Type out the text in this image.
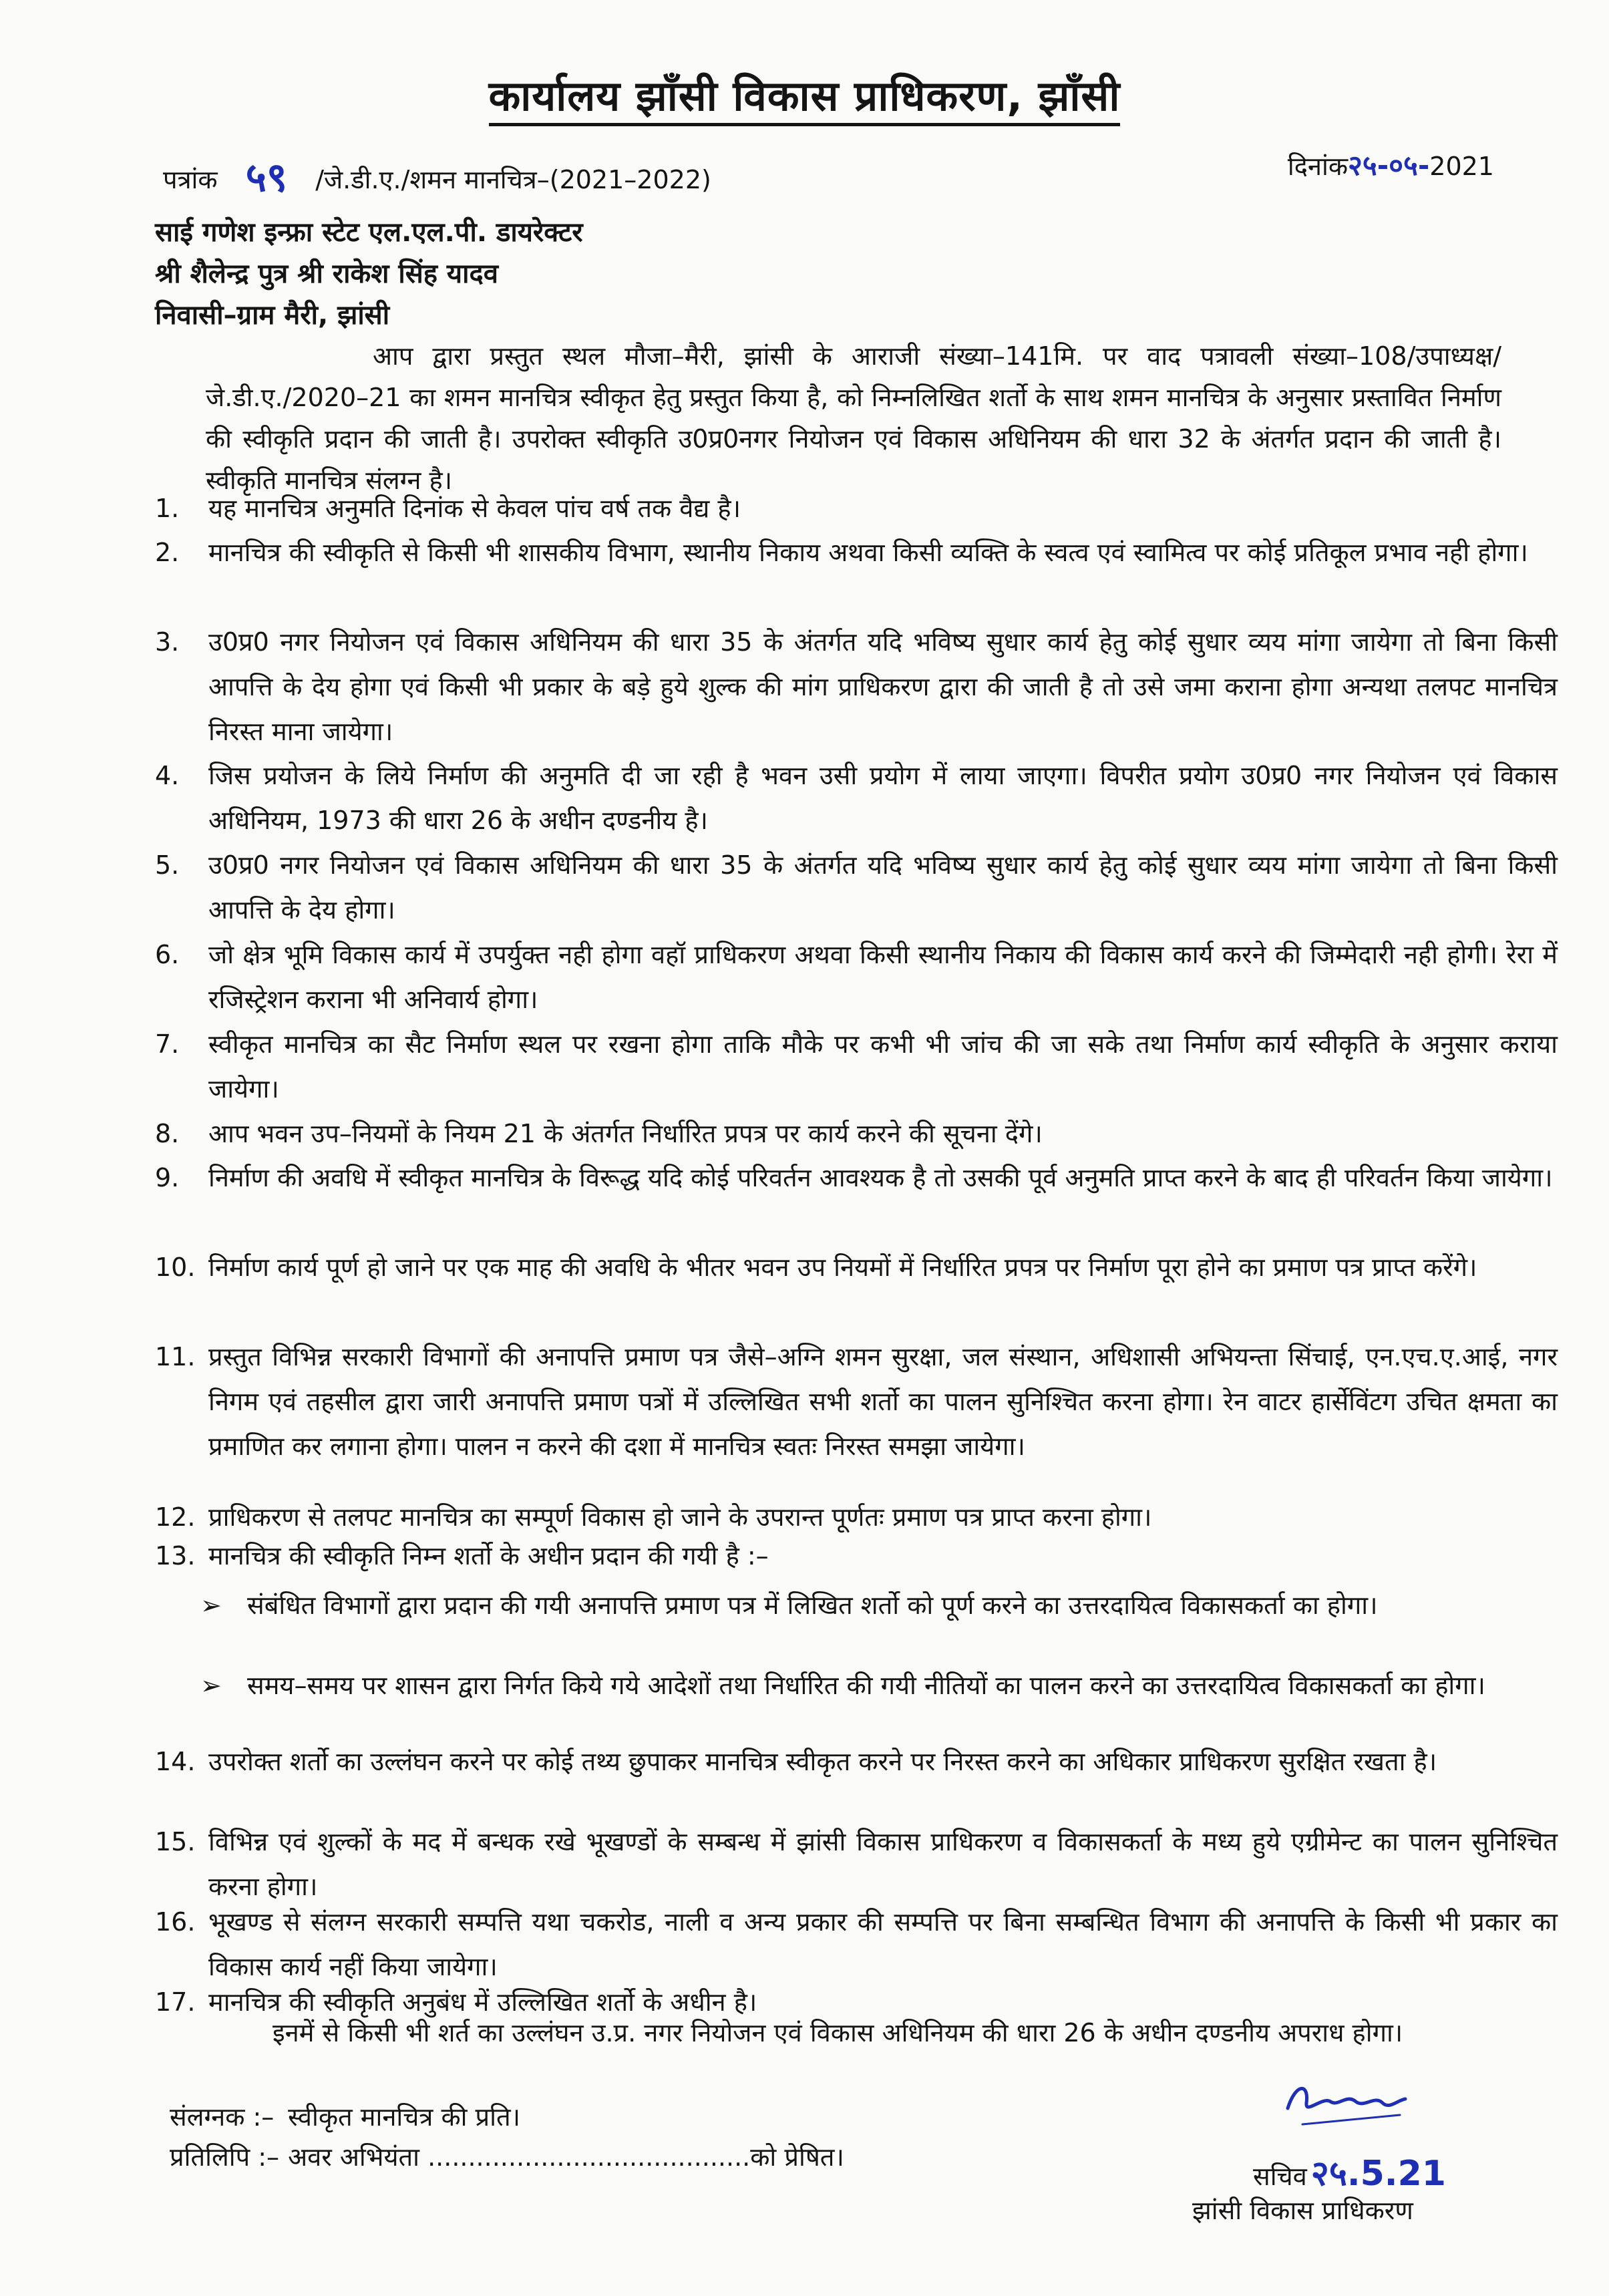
कार्यालय झाँसी विकास प्राधिकरण, झाँसी
पत्रांक ५९ /जे.डी.ए./शमन मानचित्र–(2021–2022)	दिनांक२५-०५-2021
साई गणेश इन्फ्रा स्टेट एल.एल.पी. डायरेक्टर
श्री शैलेन्द्र पुत्र श्री राकेश सिंह यादव
निवासी–ग्राम मैरी, झांसी
आप द्वारा प्रस्तुत स्थल मौजा–मैरी, झांसी के आराजी संख्या–141मि. पर वाद पत्रावली संख्या–108/उपाध्यक्ष/जे.डी.ए./2020–21 का शमन मानचित्र स्वीकृत हेतु प्रस्तुत किया है, को निम्नलिखित शर्तो के साथ शमन मानचित्र के अनुसार प्रस्तावित निर्माण की स्वीकृति प्रदान की जाती है। उपरोक्त स्वीकृति उ0प्र0नगर नियोजन एवं विकास अधिनियम की धारा 32 के अंतर्गत प्रदान की जाती है। स्वीकृति मानचित्र संलग्न है।
1.	यह मानचित्र अनुमति दिनांक से केवल पांच वर्ष तक वैद्य है।
2.	मानचित्र की स्वीकृति से किसी भी शासकीय विभाग, स्थानीय निकाय अथवा किसी व्यक्ति के स्वत्व एवं स्वामित्व पर कोई प्रतिकूल प्रभाव नही होगा।
3.	उ0प्र0 नगर नियोजन एवं विकास अधिनियम की धारा 35 के अंतर्गत यदि भविष्य सुधार कार्य हेतु कोई सुधार व्यय मांगा जायेगा तो बिना किसी आपत्ति के देय होगा एवं किसी भी प्रकार के बड़े हुये शुल्क की मांग प्राधिकरण द्वारा की जाती है तो उसे जमा कराना होगा अन्यथा तलपट मानचित्र निरस्त माना जायेगा।
4.	जिस प्रयोजन के लिये निर्माण की अनुमति दी जा रही है भवन उसी प्रयोग में लाया जाएगा। विपरीत प्रयोग उ0प्र0 नगर नियोजन एवं विकास अधिनियम, 1973 की धारा 26 के अधीन दण्डनीय है।
5.	उ0प्र0 नगर नियोजन एवं विकास अधिनियम की धारा 35 के अंतर्गत यदि भविष्य सुधार कार्य हेतु कोई सुधार व्यय मांगा जायेगा तो बिना किसी आपत्ति के देय होगा।
6.	जो क्षेत्र भूमि विकास कार्य में उपर्युक्त नही होगा वहॉ प्राधिकरण अथवा किसी स्थानीय निकाय की विकास कार्य करने की जिम्मेदारी नही होगी। रेरा में रजिस्ट्रेशन कराना भी अनिवार्य होगा।
7.	स्वीकृत मानचित्र का सैट निर्माण स्थल पर रखना होगा ताकि मौके पर कभी भी जांच की जा सके तथा निर्माण कार्य स्वीकृति के अनुसार कराया जायेगा।
8.	आप भवन उप–नियमों के नियम 21 के अंतर्गत निर्धारित प्रपत्र पर कार्य करने की सूचना देंगे।
9.	निर्माण की अवधि में स्वीकृत मानचित्र के विरूद्ध यदि कोई परिवर्तन आवश्यक है तो उसकी पूर्व अनुमति प्राप्त करने के बाद ही परिवर्तन किया जायेगा।
10. निर्माण कार्य पूर्ण हो जाने पर एक माह की अवधि के भीतर भवन उप नियमों में निर्धारित प्रपत्र पर निर्माण पूरा होने का प्रमाण पत्र प्राप्त करेंगे।
11. प्रस्तुत विभिन्न सरकारी विभागों की अनापत्ति प्रमाण पत्र जैसे–अग्नि शमन सुरक्षा, जल संस्थान, अधिशासी अभियन्ता सिंचाई, एन.एच.ए.आई, नगर निगम एवं तहसील द्वारा जारी अनापत्ति प्रमाण पत्रों में उल्लिखित सभी शर्तो का पालन सुनिश्चित करना होगा। रेन वाटर हार्सेविंटग उचित क्षमता का प्रमाणित कर लगाना होगा। पालन न करने की दशा में मानचित्र स्वतः निरस्त समझा जायेगा।
12. प्राधिकरण से तलपट मानचित्र का सम्पूर्ण विकास हो जाने के उपरान्त पूर्णतः प्रमाण पत्र प्राप्त करना होगा।
13. मानचित्र की स्वीकृति निम्न शर्तो के अधीन प्रदान की गयी है :–
14. उपरोक्त शर्तो का उल्लंघन करने पर कोई तथ्य छुपाकर मानचित्र स्वीकृत करने पर निरस्त करने का अधिकार प्राधिकरण सुरक्षित रखता है।
15. विभिन्न एवं शुल्कों के मद में बन्धक रखे भूखण्डों के सम्बन्ध में झांसी विकास प्राधिकरण व विकासकर्ता के मध्य हुये एग्रीमेन्ट का पालन सुनिश्चित करना होगा।
16. भूखण्ड से संलग्न सरकारी सम्पत्ति यथा चकरोड, नाली व अन्य प्रकार की सम्पत्ति पर बिना सम्बन्धित विभाग की अनापत्ति के किसी भी प्रकार का विकास कार्य नहीं किया जायेगा।
17. मानचित्र की स्वीकृति अनुबंध में उल्लिखित शर्तो के अधीन है।
➢	संबंधित विभागों द्वारा प्रदान की गयी अनापत्ति प्रमाण पत्र में लिखित शर्तो को पूर्ण करने का उत्तरदायित्व विकासकर्ता का होगा।
➢	समय–समय पर शासन द्वारा निर्गत किये गये आदेशों तथा निर्धारित की गयी नीतियों का पालन करने का उत्तरदायित्व विकासकर्ता का होगा।
इनमें से किसी भी शर्त का उल्लंघन उ.प्र. नगर नियोजन एवं विकास अधिनियम की धारा 26 के अधीन दण्डनीय अपराध होगा।
संलग्नक :– स्वीकृत मानचित्र की प्रति।
प्रतिलिपि :– अवर अभियंता ........................................को प्रेषित।
सचिव २५.5.21
झांसी विकास प्राधिकरण
